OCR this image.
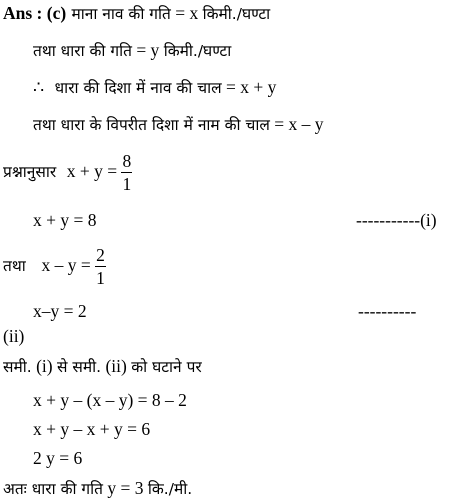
Ans : (c) माना नाव की गति = x किमी./घण्टा
तथा धारा की गति = y किमी./घण्टा
∴ धारा की दिशा में नाव की चाल = x + y
तथा धारा के विपरीत दिशा में नाम की चाल = x – y
प्रश्नानुसार $x + y = \frac{8}{1}$
x + y = 8	-----------(i)
तथा $x - y = \frac{2}{1}$
x–y = 2	----------
(ii)
समी. (i) से समी. (ii) को घटाने पर
x + y – (x – y) = 8 – 2
x + y – x + y = 6
2 y = 6
अतः धारा की गति y = 3 कि./मी.
